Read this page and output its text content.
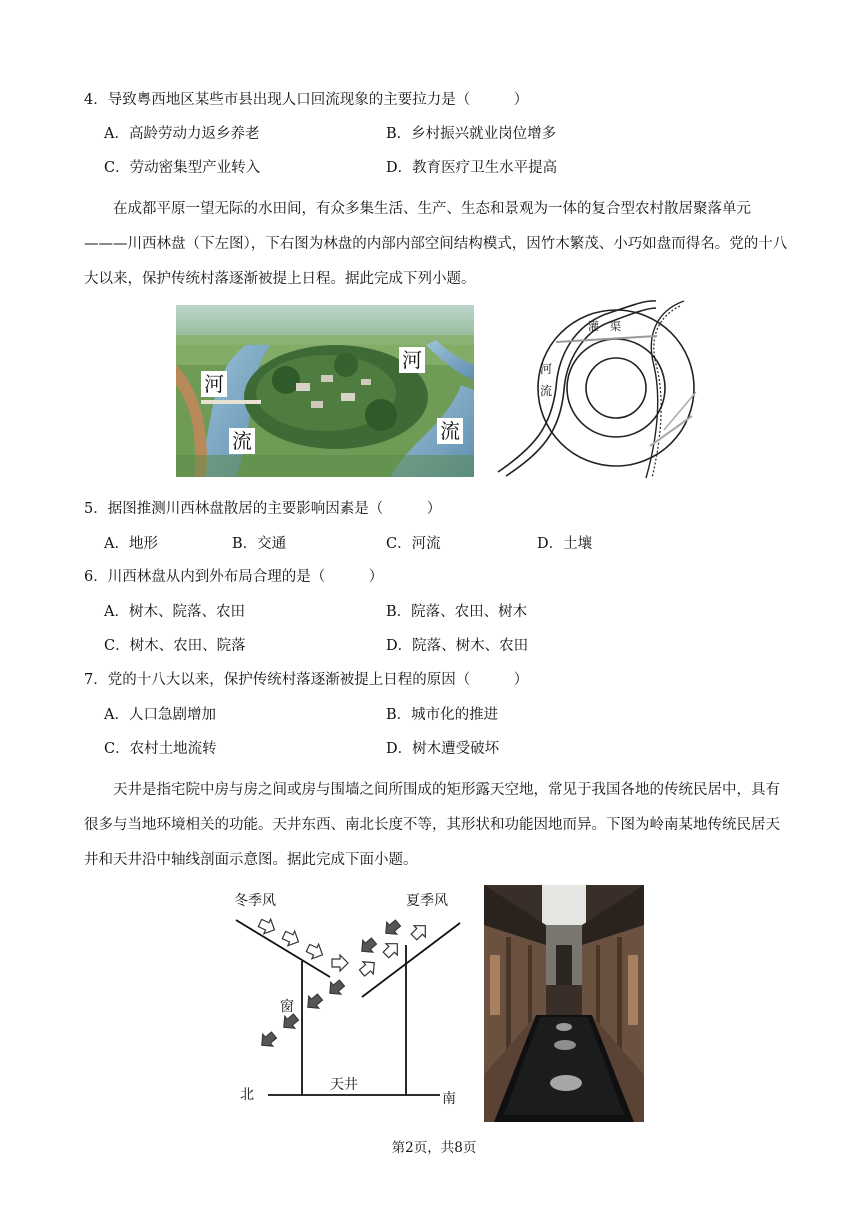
4．导致粤西地区某些市县出现人口回流现象的主要拉力是（　　　）
A．高龄劳动力返乡养老	B．乡村振兴就业岗位增多
C．劳动密集型产业转入	D．教育医疗卫生水平提高
在成都平原一望无际的水田间，有众多集生活、生产、生态和景观为一体的复合型农村散居聚落单元———川西林盘（下左图），下右图为林盘的内部内部空间结构模式，因竹木繁茂、小巧如盘而得名。党的十八大以来，保护传统村落逐渐被提上日程。据此完成下列小题。
河
河
流	流
灌　渠
河
流
5．据图推测川西林盘散居的主要影响因素是（　　　）
A．地形	B．交通	C．河流	D．土壤
6．川西林盘从内到外布局合理的是（　　　）
A．树木、院落、农田	B．院落、农田、树木
C．树木、农田、院落	D．院落、树木、农田
7．党的十八大以来，保护传统村落逐渐被提上日程的原因（　　　）
A．人口急剧增加	B．城市化的推进
C．农村土地流转	D．树木遭受破坏
天井是指宅院中房与房之间或房与围墙之间所围成的矩形露天空地，常见于我国各地的传统民居中，具有很多与当地环境相关的功能。天井东西、南北长度不等，其形状和功能因地而异。下图为岭南某地传统民居天井和天井沿中轴线剖面示意图。据此完成下面小题。
冬季风	夏季风
窗
天井
北	南
第2页，共8页
